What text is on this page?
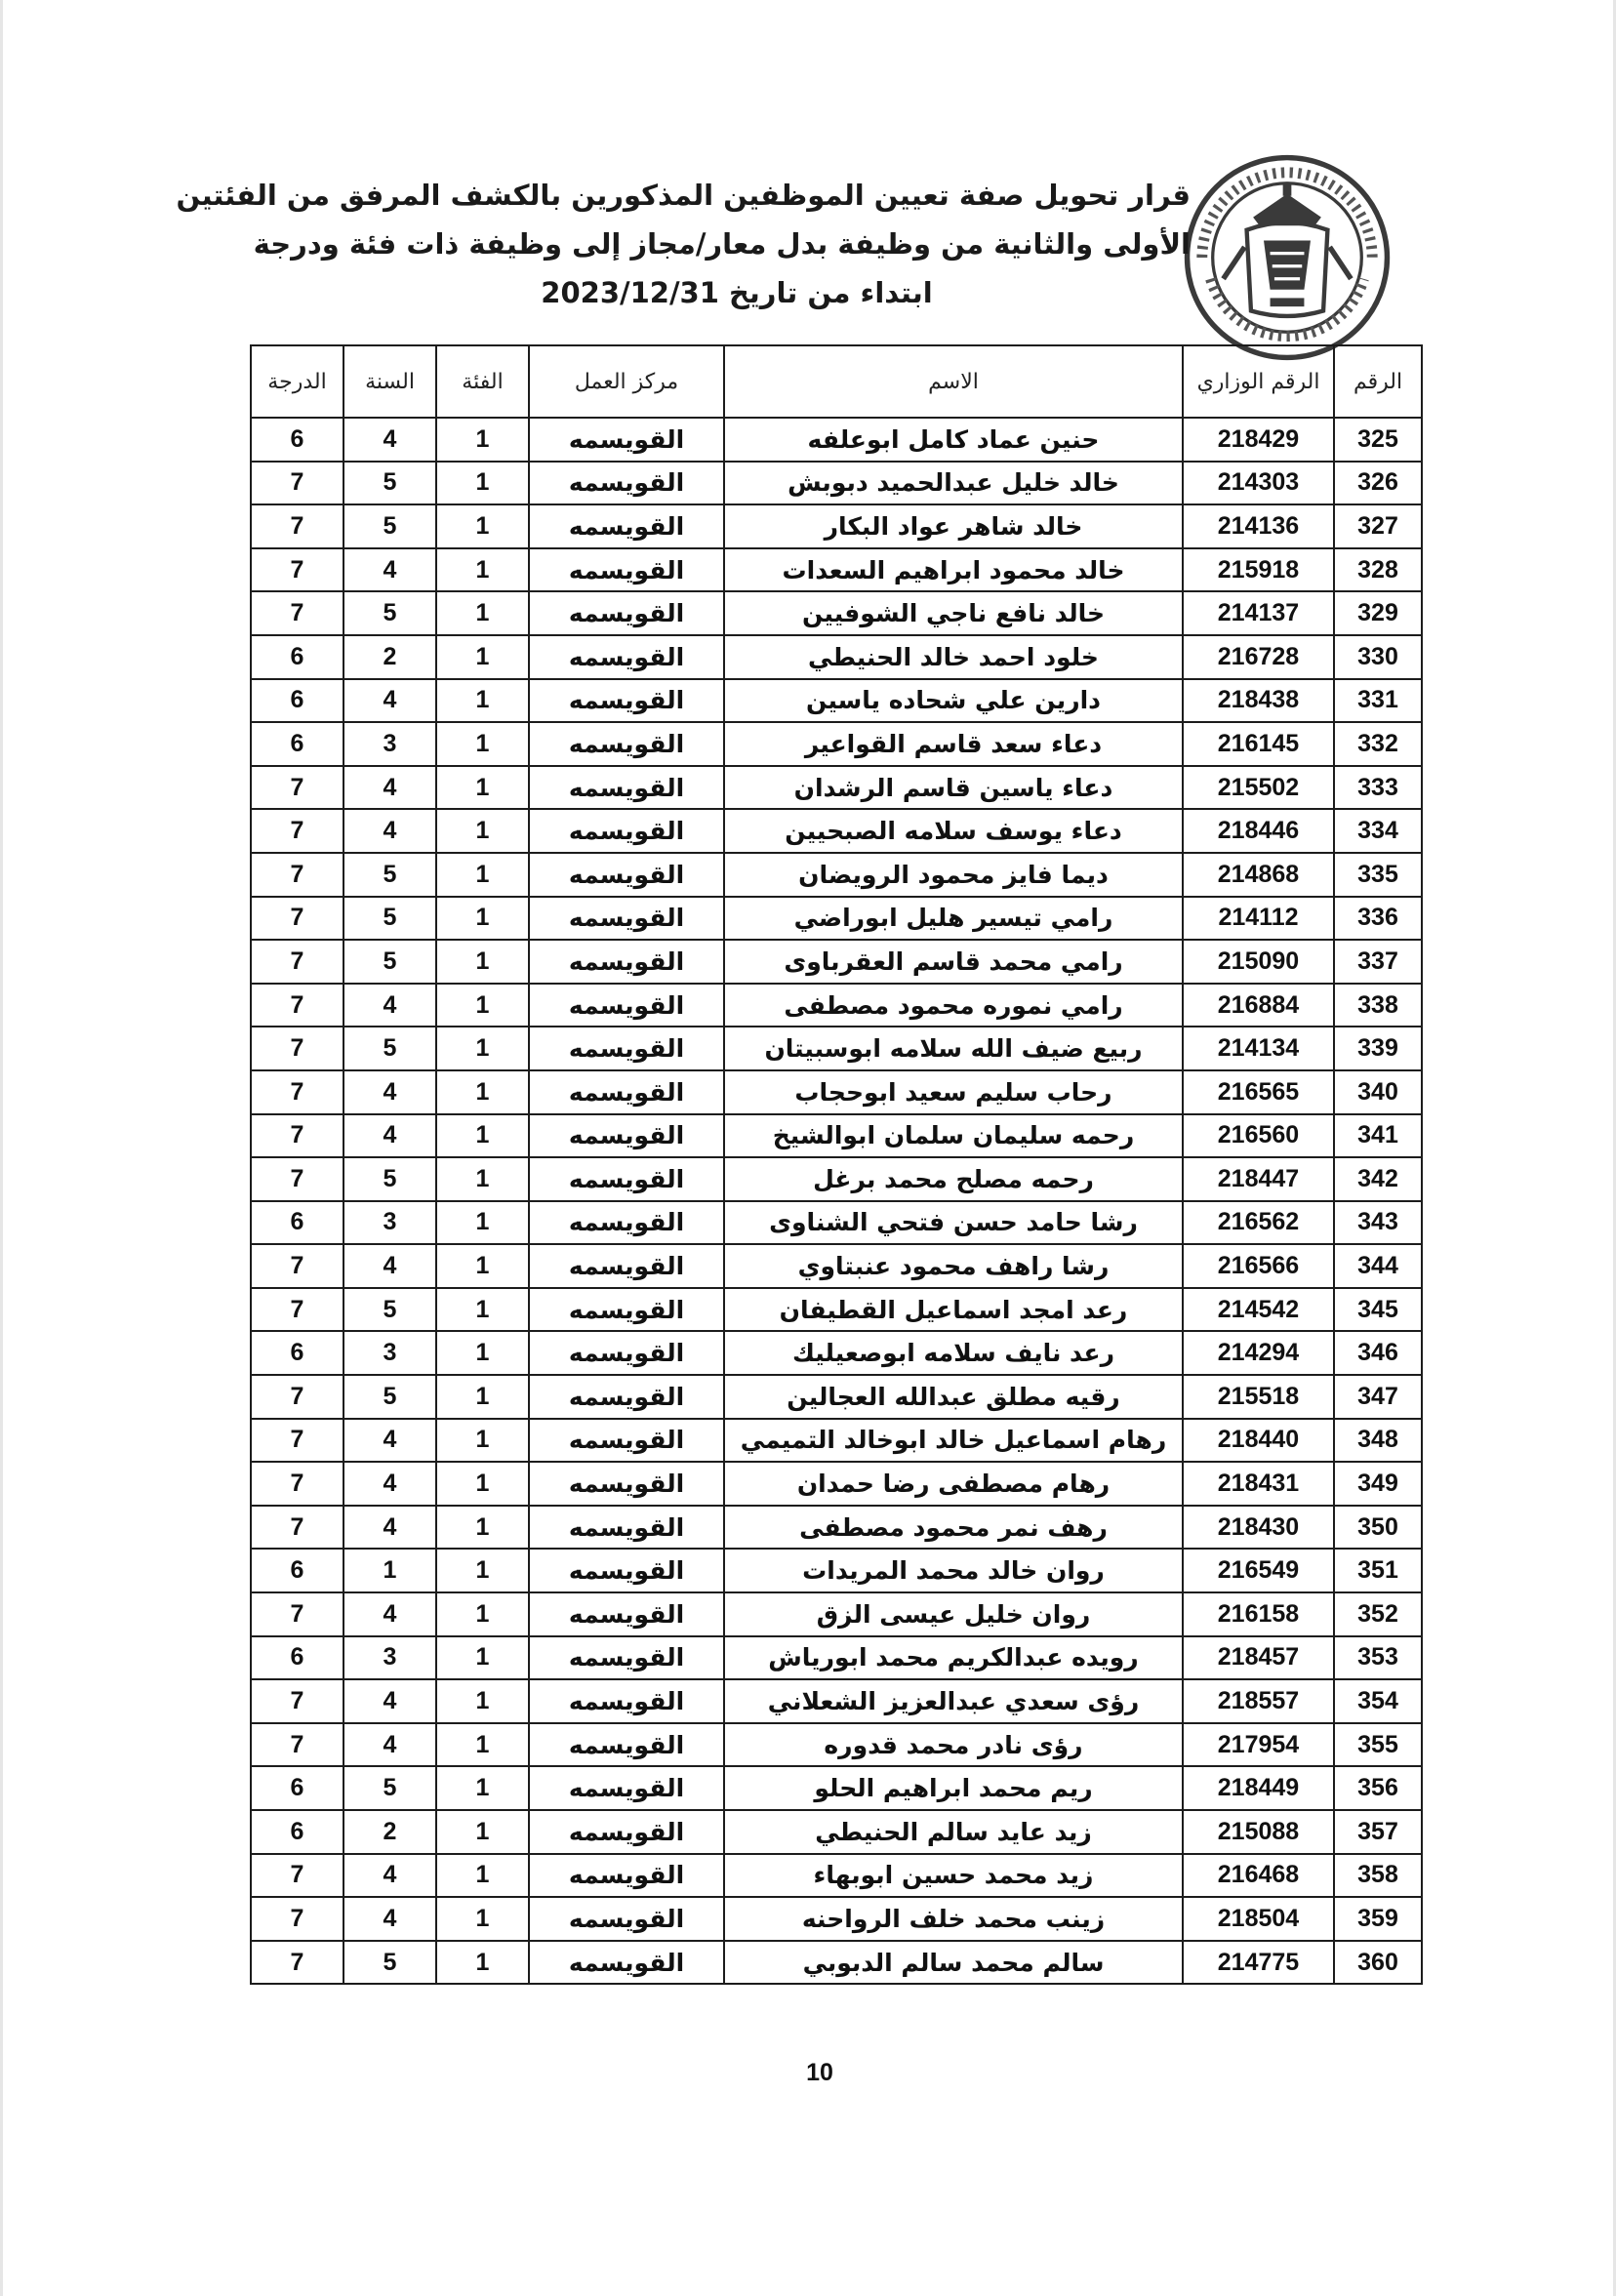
قرار تحويل صفة تعيين الموظفين المذكورين بالكشف المرفق من الفئتين
الأولى والثانية من وظيفة بدل معار/مجاز إلى وظيفة ذات فئة ودرجة
ابتداء من تاريخ 2023/12/31
الرقم	الرقم الوزاري	الاسم	مركز العمل	الفئة	السنة	الدرجة
325	218429	حنين عماد كامل ابوعلفه	القويسمه	1	4	6
326	214303	خالد خليل عبدالحميد دبوبش	القويسمه	1	5	7
327	214136	خالد شاهر عواد البكار	القويسمه	1	5	7
328	215918	خالد محمود ابراهيم السعدات	القويسمه	1	4	7
329	214137	خالد نافع ناجي الشوفيين	القويسمه	1	5	7
330	216728	خلود احمد خالد الحنيطي	القويسمه	1	2	6
331	218438	دارين علي شحاده ياسين	القويسمه	1	4	6
332	216145	دعاء سعد قاسم القواعير	القويسمه	1	3	6
333	215502	دعاء ياسين قاسم الرشدان	القويسمه	1	4	7
334	218446	دعاء يوسف سلامه الصبحيين	القويسمه	1	4	7
335	214868	ديما فايز محمود الرويضان	القويسمه	1	5	7
336	214112	رامي تيسير هليل ابوراضي	القويسمه	1	5	7
337	215090	رامي محمد قاسم العقرباوى	القويسمه	1	5	7
338	216884	رامي نموره محمود مصطفى	القويسمه	1	4	7
339	214134	ربيع ضيف الله سلامه ابوسبيتان	القويسمه	1	5	7
340	216565	رحاب سليم سعيد ابوحجاب	القويسمه	1	4	7
341	216560	رحمه سليمان سلمان ابوالشيخ	القويسمه	1	4	7
342	218447	رحمه مصلح محمد برغل	القويسمه	1	5	7
343	216562	رشا حامد حسن فتحي الشناوى	القويسمه	1	3	6
344	216566	رشا راهف محمود عنبتاوي	القويسمه	1	4	7
345	214542	رعد امجد اسماعيل القطيفان	القويسمه	1	5	7
346	214294	رعد نايف سلامه ابوصعيليك	القويسمه	1	3	6
347	215518	رقيه مطلق عبدالله العجالين	القويسمه	1	5	7
348	218440	رهام اسماعيل خالد ابوخالد التميمي	القويسمه	1	4	7
349	218431	رهام مصطفى رضا حمدان	القويسمه	1	4	7
350	218430	رهف نمر محمود مصطفى	القويسمه	1	4	7
351	216549	روان خالد محمد المريدات	القويسمه	1	1	6
352	216158	روان خليل عيسى الزق	القويسمه	1	4	7
353	218457	رويده عبدالكريم محمد ابورياش	القويسمه	1	3	6
354	218557	رؤى سعدي عبدالعزيز الشعلاني	القويسمه	1	4	7
355	217954	رؤى نادر محمد قدوره	القويسمه	1	4	7
356	218449	ريم محمد ابراهيم الحلو	القويسمه	1	5	6
357	215088	زيد عايد سالم الحنيطي	القويسمه	1	2	6
358	216468	زيد محمد حسين ابوبهاء	القويسمه	1	4	7
359	218504	زينب محمد خلف الرواحنه	القويسمه	1	4	7
360	214775	سالم محمد سالم الدبوبي	القويسمه	1	5	7
10
